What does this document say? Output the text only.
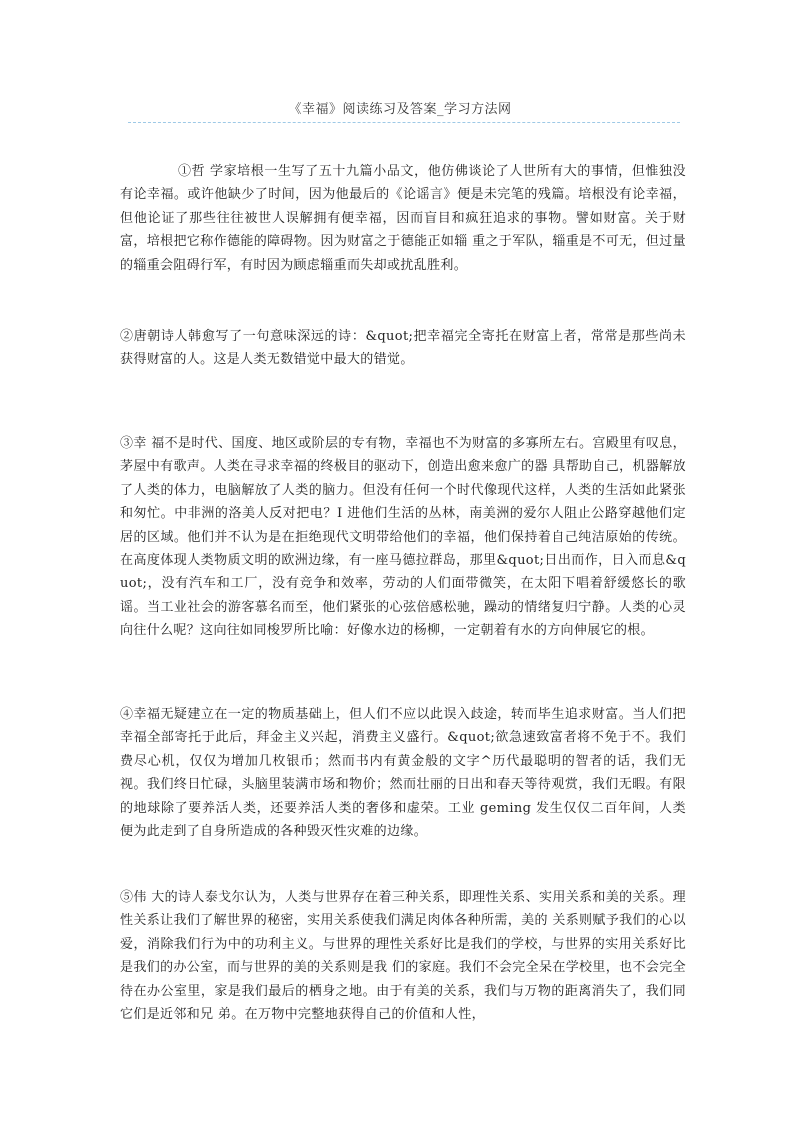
《幸福》阅读练习及答案_学习方法网

①哲 学家培根一生写了五十九篇小品文，他仿佛谈论了人世所有大的事情，但惟独没有论幸福。或许他缺少了时间，因为他最后的《论谣言》便是未完笔的残篇。培根没有论幸福，但他论证了那些往往被世人误解拥有便幸福，因而盲目和疯狂追求的事物。譬如财富。关于财富，培根把它称作德能的障碍物。因为财富之于德能正如辎 重之于军队，辎重是不可无，但过量的辎重会阻碍行军，有时因为顾虑辎重而失却或扰乱胜利。

②唐朝诗人韩愈写了一句意味深远的诗：&quot;把幸福完全寄托在财富上者，常常是那些尚未获得财富的人。这是人类无数错觉中最大的错觉。

③幸 福不是时代、国度、地区或阶层的专有物，幸福也不为财富的多寡所左右。宫殿里有叹息，茅屋中有歌声。人类在寻求幸福的终极目的驱动下，创造出愈来愈广的器 具帮助自己，机器解放了人类的体力，电脑解放了人类的脑力。但没有任何一个时代像现代这样，人类的生活如此紧张和匆忙。中非洲的洛美人反对把电？I 进他们生活的丛林，南美洲的爱尔人阻止公路穿越他们定居的区域。他们并不认为是在拒绝现代文明带给他们的幸福，他们保持着自己纯洁原始的传统。在高度体现人类物质文明的欧洲边缘，有一座马德拉群岛，那里&quot;日出而作，日入而息&quot;，没有汽车和工厂，没有竞争和效率，劳动的人们面带微笑，在太阳下唱着舒缓悠长的歌谣。当工业社会的游客慕名而至，他们紧张的心弦倍感松驰，躁动的情绪复归宁静。人类的心灵向往什么呢？这向往如同梭罗所比喻：好像水边的杨柳，一定朝着有水的方向伸展它的根。

④幸福无疑建立在一定的物质基础上，但人们不应以此误入歧途，转而毕生追求财富。当人们把幸福全部寄托于此后，拜金主义兴起，消费主义盛行。&quot;欲急速致富者将不免于不。我们费尽心机，仅仅为增加几枚银币；然而书内有黄金般的文字^历代最聪明的智者的话，我们无视。我们终日忙碌，头脑里装满市场和物价；然而壮丽的日出和春天等待观赏，我们无暇。有限的地球除了要养活人类，还要养活人类的奢侈和虚荣。工业 geming 发生仅仅二百年间，人类便为此走到了自身所造成的各种毁灭性灾难的边缘。

⑤伟 大的诗人泰戈尔认为，人类与世界存在着三种关系，即理性关系、实用关系和美的关系。理性关系让我们了解世界的秘密，实用关系使我们满足肉体各种所需，美的 关系则赋予我们的心以爱，消除我们行为中的功利主义。与世界的理性关系好比是我们的学校，与世界的实用关系好比是我们的办公室，而与世界的美的关系则是我 们的家庭。我们不会完全呆在学校里，也不会完全待在办公室里，家是我们最后的栖身之地。由于有美的关系，我们与万物的距离消失了，我们同它们是近邻和兄 弟。在万物中完整地获得自己的价值和人性，
